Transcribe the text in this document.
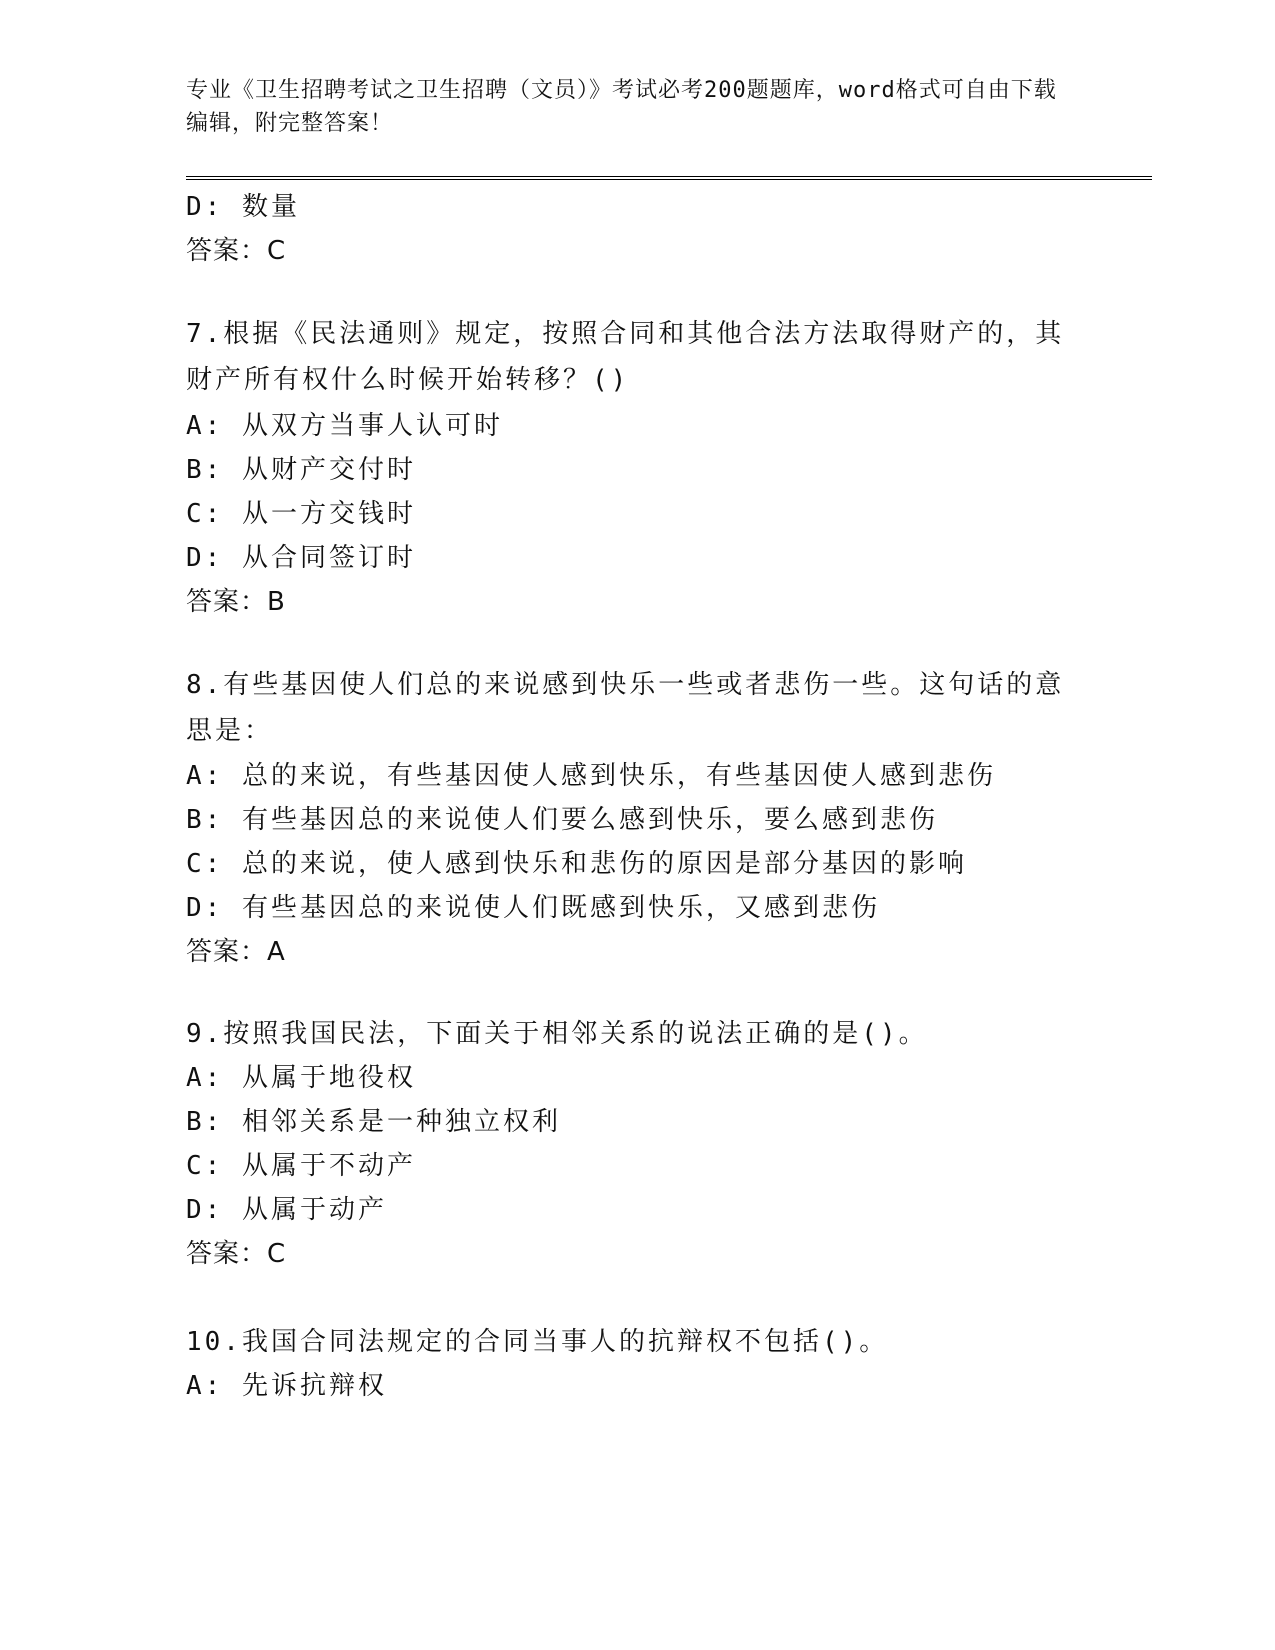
专业《卫生招聘考试之卫生招聘（文员）》考试必考200题题库，word格式可自由下载编辑，附完整答案！
D: 数量
答案：C
7.根据《民法通则》规定，按照合同和其他合法方法取得财产的，其财产所有权什么时候开始转移？()
A: 从双方当事人认可时
B: 从财产交付时
C: 从一方交钱时
D: 从合同签订时
答案：B
8.有些基因使人们总的来说感到快乐一些或者悲伤一些。这句话的意思是：
A: 总的来说，有些基因使人感到快乐，有些基因使人感到悲伤
B: 有些基因总的来说使人们要么感到快乐，要么感到悲伤
C: 总的来说，使人感到快乐和悲伤的原因是部分基因的影响
D: 有些基因总的来说使人们既感到快乐，又感到悲伤
答案：A
9.按照我国民法，下面关于相邻关系的说法正确的是()。
A: 从属于地役权
B: 相邻关系是一种独立权利
C: 从属于不动产
D: 从属于动产
答案：C
10.我国合同法规定的合同当事人的抗辩权不包括()。
A: 先诉抗辩权
